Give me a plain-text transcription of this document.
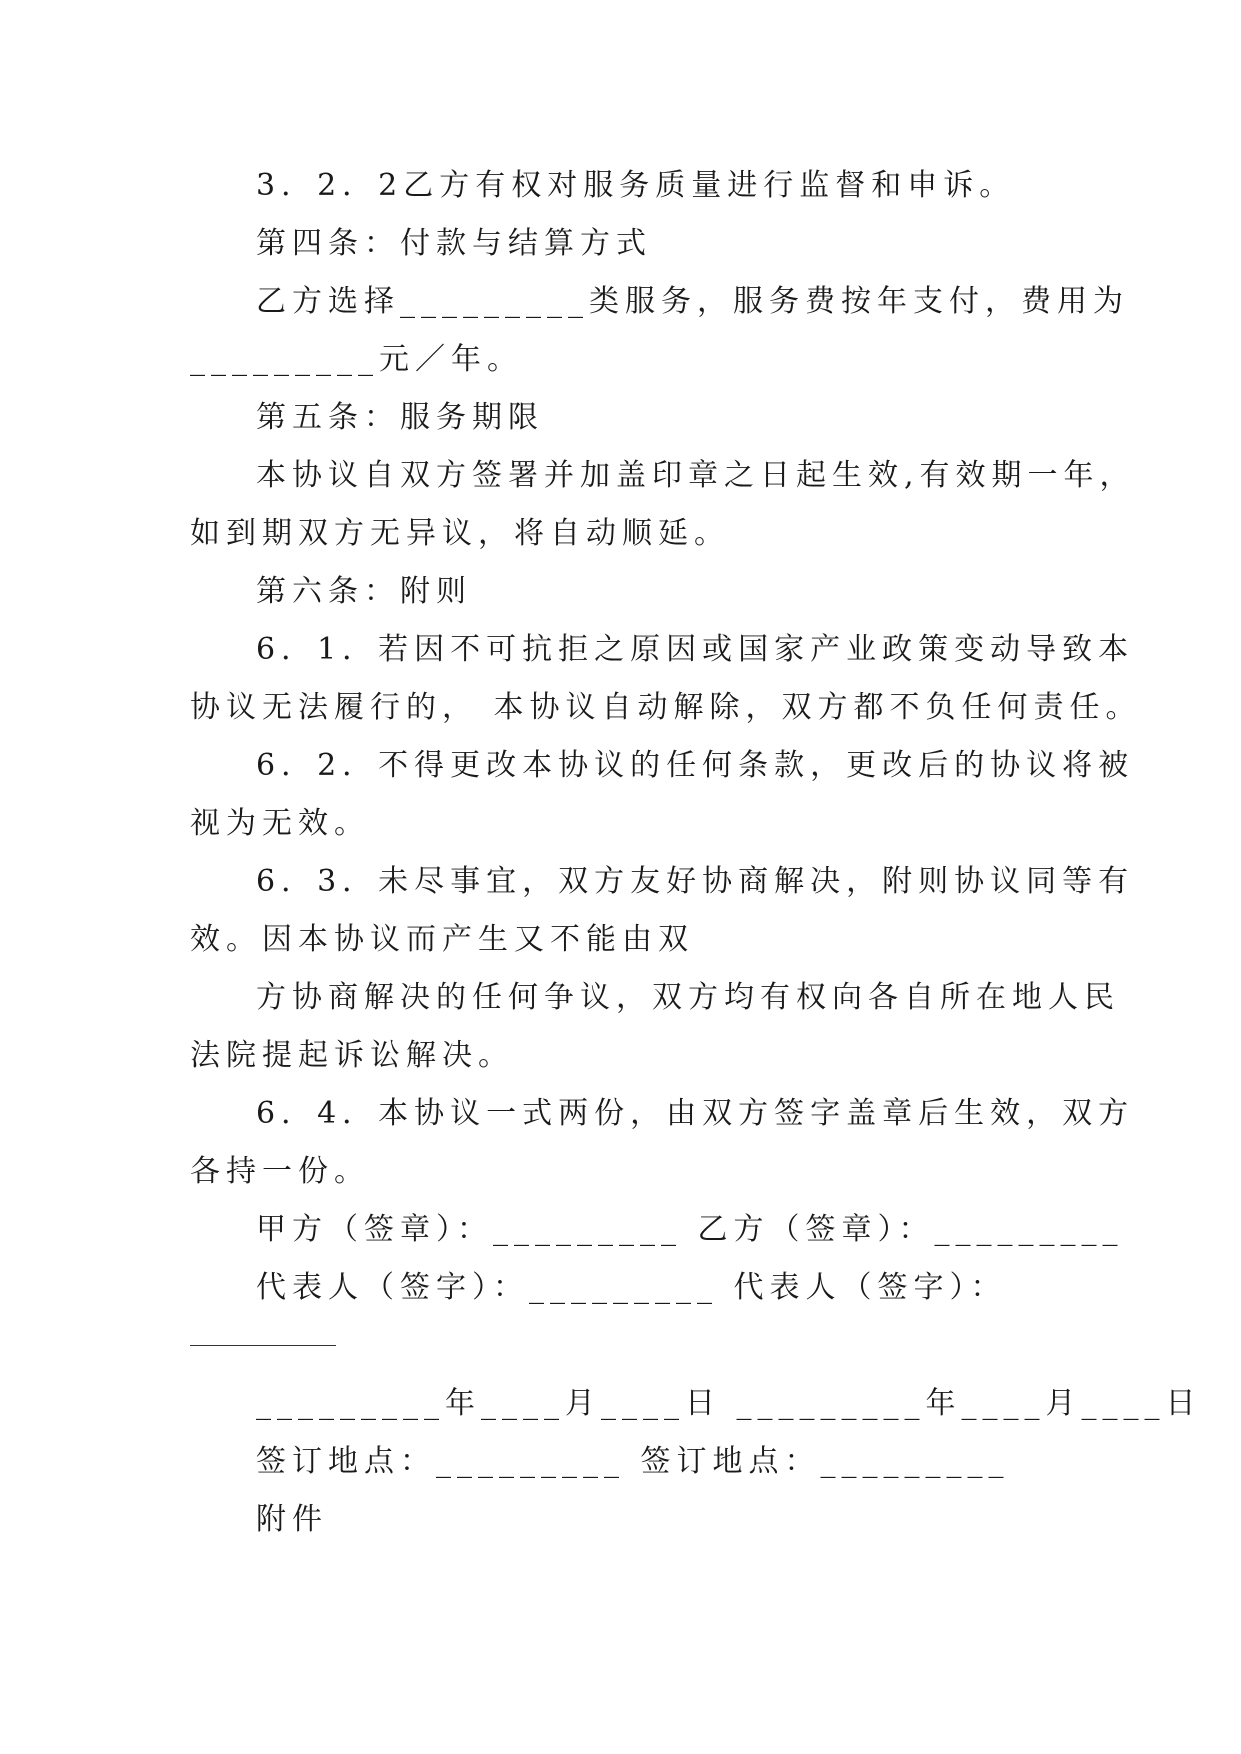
3．2．2乙方有权对服务质量进行监督和申诉。
第四条：付款与结算方式
乙方选择_________类服务，服务费按年支付，费用为
_________元／年。
第五条：服务期限
本协议自双方签署并加盖印章之日起生效,有效期一年，
如到期双方无异议，将自动顺延。
第六条：附则
6．1．若因不可抗拒之原因或国家产业政策变动导致本
协议无法履行的， 本协议自动解除，双方都不负任何责任。
6．2．不得更改本协议的任何条款，更改后的协议将被
视为无效。
6．3．未尽事宜，双方友好协商解决，附则协议同等有
效。因本协议而产生又不能由双
方协商解决的任何争议，双方均有权向各自所在地人民
法院提起诉讼解决。
6．4．本协议一式两份，由双方签字盖章后生效，双方
各持一份。
甲方（签章）：_________ 乙方（签章）：_________
代表人（签字）：_________ 代表人（签字）：
_________年____月____日 _________年____月____日
签订地点：_________ 签订地点：_________
附件
